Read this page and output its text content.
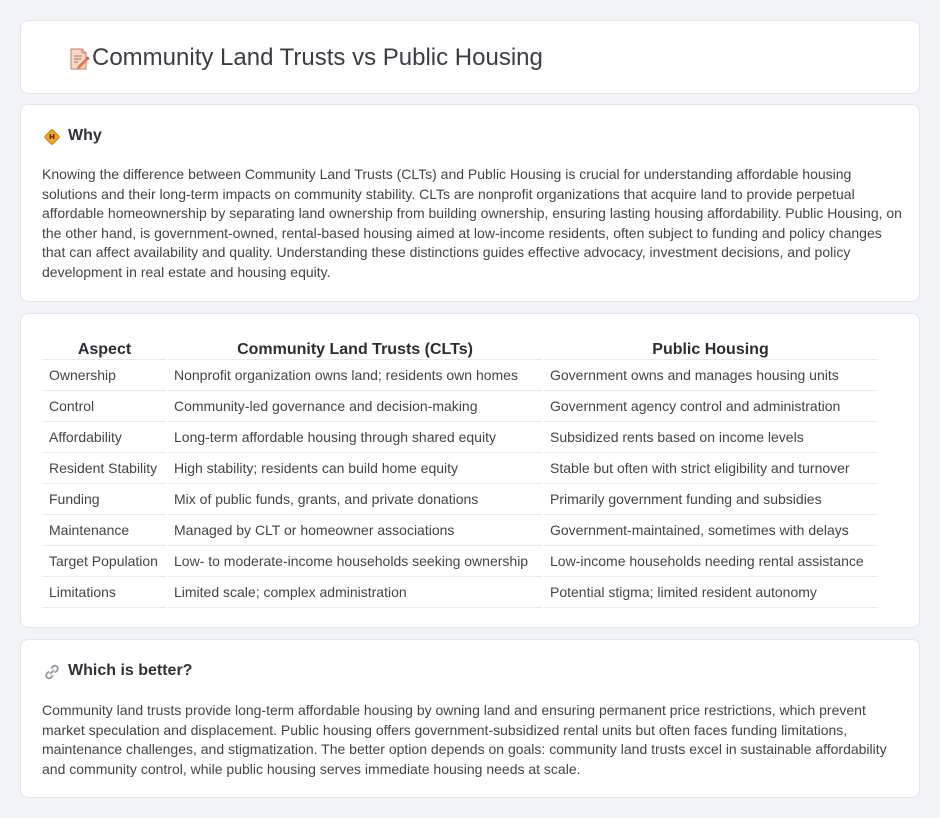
Community Land Trusts vs Public Housing
Why

Knowing the difference between Community Land Trusts (CLTs) and Public Housing is crucial for understanding affordable housing solutions and their long-term impacts on community stability. CLTs are nonprofit organizations that acquire land to provide perpetual affordable homeownership by separating land ownership from building ownership, ensuring lasting housing affordability. Public Housing, on the other hand, is government-owned, rental-based housing aimed at low-income residents, often subject to funding and policy changes that can affect availability and quality. Understanding these distinctions guides effective advocacy, investment decisions, and policy development in real estate and housing equity.

Aspect	Community Land Trusts (CLTs)	Public Housing
Ownership	Nonprofit organization owns land; residents own homes	Government owns and manages housing units
Control	Community-led governance and decision-making	Government agency control and administration
Affordability	Long-term affordable housing through shared equity	Subsidized rents based on income levels
Resident Stability	High stability; residents can build home equity	Stable but often with strict eligibility and turnover
Funding	Mix of public funds, grants, and private donations	Primarily government funding and subsidies
Maintenance	Managed by CLT or homeowner associations	Government-maintained, sometimes with delays
Target Population	Low- to moderate-income households seeking ownership	Low-income households needing rental assistance
Limitations	Limited scale; complex administration	Potential stigma; limited resident autonomy
Which is better?

Community land trusts provide long-term affordable housing by owning land and ensuring permanent price restrictions, which prevent market speculation and displacement. Public housing offers government-subsidized rental units but often faces funding limitations, maintenance challenges, and stigmatization. The better option depends on goals: community land trusts excel in sustainable affordability and community control, while public housing serves immediate housing needs at scale.
